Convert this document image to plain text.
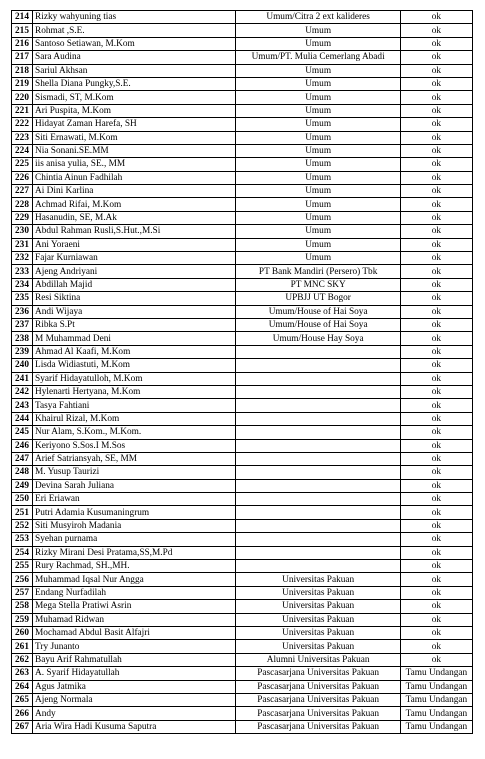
214	Rizky wahyuning tias	Umum/Citra 2 ext kalideres	ok
215	Rohmat ,S.E.	Umum	ok
216	Santoso Setiawan, M.Kom	Umum	ok
217	Sara Audina	Umum/PT. Mulia Cemerlang Abadi	ok
218	Sariul Akhsan	Umum	ok
219	Shella Diana Pungky,S.E.	Umum	ok
220	Sismadi, ST, M.Kom	Umum	ok
221	Ari Puspita, M.Kom	Umum	ok
222	Hidayat Zaman Harefa, SH	Umum	ok
223	Siti Ernawati, M.Kom	Umum	ok
224	Nia Sonani.SE.MM	Umum	ok
225	iis anisa yulia, SE., MM	Umum	ok
226	Chintia Ainun Fadhilah	Umum	ok
227	Ai Dini Karlina	Umum	ok
228	Achmad Rifai, M.Kom	Umum	ok
229	Hasanudin, SE, M.Ak	Umum	ok
230	Abdul Rahman Rusli,S.Hut.,M.Si	Umum	ok
231	Ani Yoraeni	Umum	ok
232	Fajar Kurniawan	Umum	ok
233	Ajeng Andriyani	PT Bank Mandiri (Persero) Tbk	ok
234	Abdillah Majid	PT MNC SKY	ok
235	Resi Siktina	UPBJJ UT Bogor	ok
236	Andi Wijaya	Umum/House of Hai Soya	ok
237	Ribka S.Pt	Umum/House of Hai Soya	ok
238	M Muhammad Deni	Umum/House Hay Soya	ok
239	Ahmad Al Kaafi, M.Kom		ok
240	Lisda Widiastuti, M.Kom		ok
241	Syarif Hidayatulloh, M.Kom		ok
242	Hylenarti Hertyana, M.Kom		ok
243	Tasya Fahtiani		ok
244	Khairul Rizal, M.Kom		ok
245	Nur Alam, S.Kom., M.Kom.		ok
246	Keriyono S.Sos.I M.Sos		ok
247	Arief Satriansyah, SE, MM		ok
248	M. Yusup Taurizi		ok
249	Devina Sarah Juliana		ok
250	Eri Eriawan		ok
251	Putri Adamia Kusumaningrum		ok
252	Siti Musyiroh Madania		ok
253	Syehan purnama		ok
254	Rizky Mirani Desi Pratama,SS,M.Pd		ok
255	Rury Rachmad, SH.,MH.		ok
256	Muhammad Iqsal Nur Angga	Universitas Pakuan	ok
257	Endang Nurfadilah	Universitas Pakuan	ok
258	Mega Stella Pratiwi Asrin	Universitas Pakuan	ok
259	Muhamad Ridwan	Universitas Pakuan	ok
260	Mochamad Abdul Basit Alfajri	Universitas Pakuan	ok
261	Try Junanto	Universitas Pakuan	ok
262	Bayu Arif Rahmatullah	Alumni Universitas Pakuan	ok
263	A. Syarif Hidayatullah	Pascasarjana Universitas Pakuan	Tamu Undangan
264	Agus Jatmika	Pascasarjana Universitas Pakuan	Tamu Undangan
265	Ajeng Normala	Pascasarjana Universitas Pakuan	Tamu Undangan
266	Andy	Pascasarjana Universitas Pakuan	Tamu Undangan
267	Aria Wira Hadi Kusuma Saputra	Pascasarjana Universitas Pakuan	Tamu Undangan
